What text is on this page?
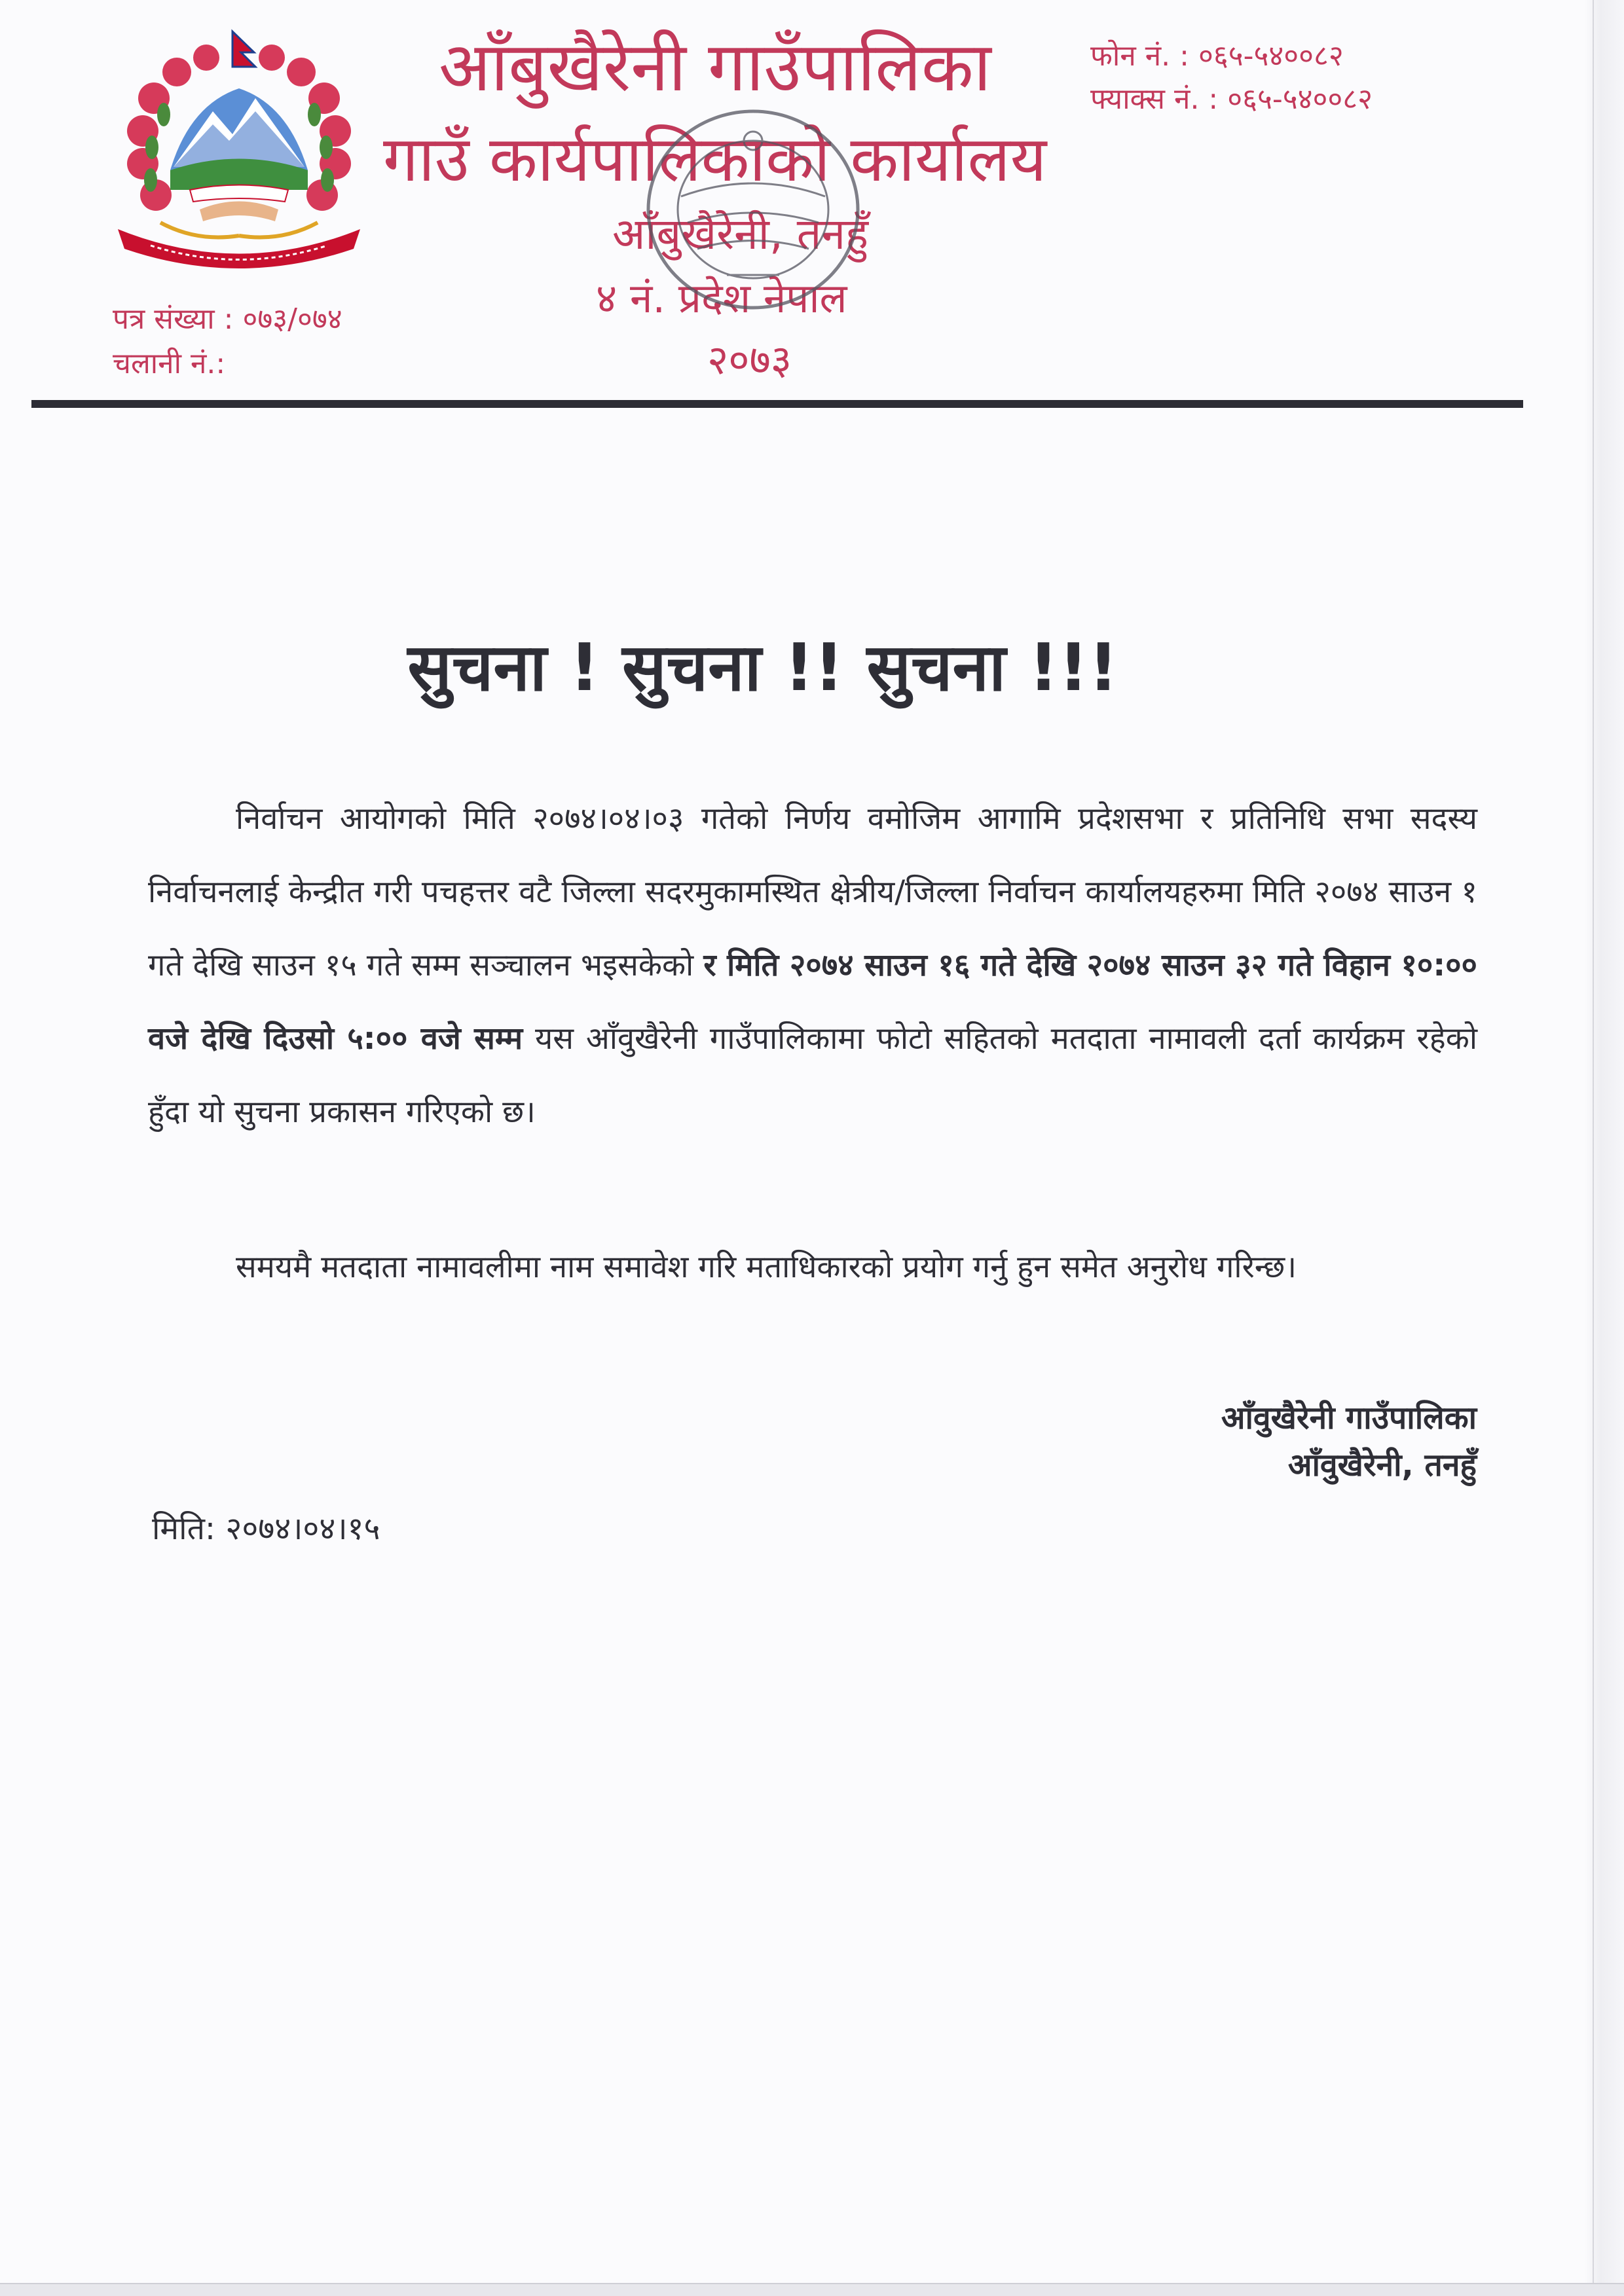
आँबुखैरेनी गाउँपालिका
गाउँ कार्यपालिकाको कार्यालय
आँबुखैरेनी, तनहुँ
४ नं. प्रदेश नेपाल
२०७३
फोन नं. : ०६५-५४००८२
फ्याक्स नं. : ०६५-५४००८२
पत्र संख्या : ०७३/०७४
चलानी नं.:
सुचना ! सुचना !! सुचना !!!

निर्वाचन आयोगको मिति २०७४।०४।०३ गतेको निर्णय वमोजिम आगामि प्रदेशसभा र प्रतिनिधि सभा सदस्य निर्वाचनलाई केन्द्रीत गरी पचहत्तर वटै जिल्ला सदरमुकामस्थित क्षेत्रीय/जिल्ला निर्वाचन कार्यालयहरुमा मिति २०७४ साउन १ गते देखि साउन १५ गते सम्म सञ्चालन भइसकेको र मिति २०७४ साउन १६ गते देखि २०७४ साउन ३२ गते विहान १०:०० वजे देखि दिउसो ५:०० वजे सम्म यस आँवुखैरेनी गाउँपालिकामा फोटो सहितको मतदाता नामावली दर्ता कार्यक्रम रहेको हुँदा यो सुचना प्रकासन गरिएको छ।

समयमै मतदाता नामावलीमा नाम समावेश गरि मताधिकारको प्रयोग गर्नु हुन समेत अनुरोध गरिन्छ।

आँवुखैरेनी गाउँपालिका
आँवुखैरेनी, तनहुँ
मिति: २०७४।०४।१५
